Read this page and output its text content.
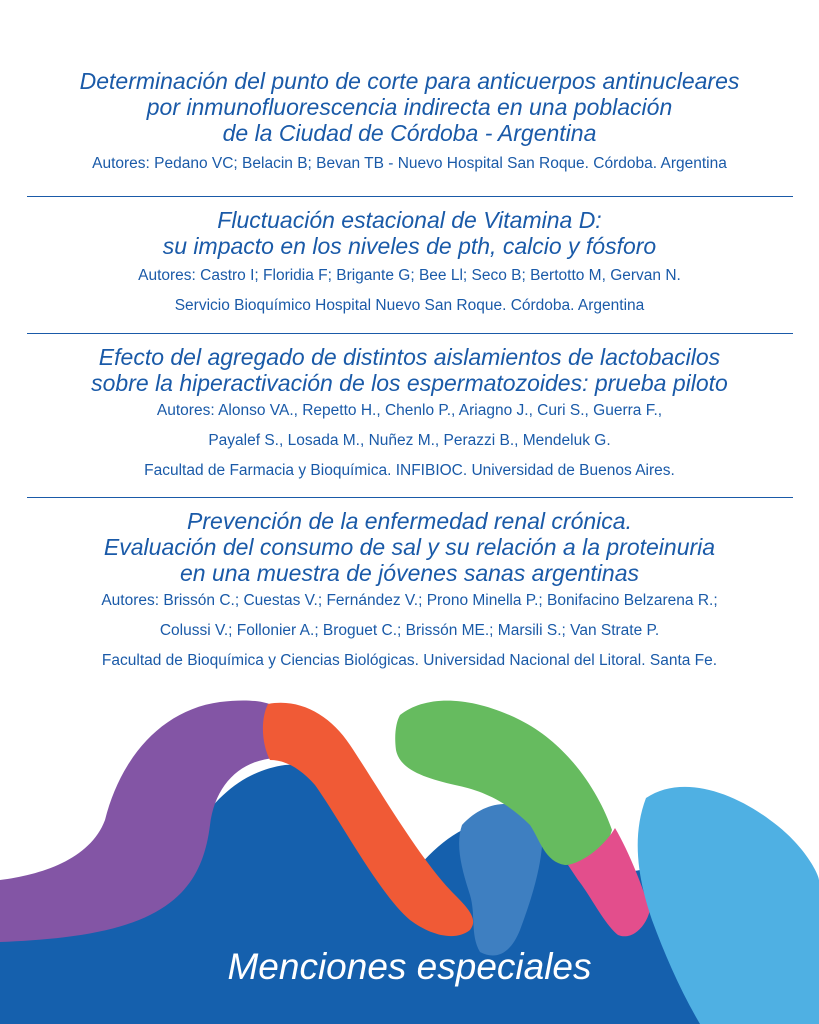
Determinación del punto de corte para anticuerpos antinucleares
por inmunofluorescencia indirecta en una población
de la Ciudad de Córdoba - Argentina
Autores: Pedano VC; Belacin B; Bevan TB - Nuevo Hospital San Roque. Córdoba. Argentina
Fluctuación estacional de Vitamina D:
su impacto en los niveles de pth, calcio y fósforo
Autores: Castro I; Floridia F; Brigante G; Bee Ll; Seco B; Bertotto M, Gervan N.
Servicio Bioquímico Hospital Nuevo San Roque. Córdoba. Argentina
Efecto del agregado de distintos aislamientos de lactobacilos
sobre la hiperactivación de los espermatozoides: prueba piloto
Autores: Alonso VA., Repetto H., Chenlo P., Ariagno J., Curi S., Guerra F.,
Payalef S., Losada M., Nuñez M., Perazzi B., Mendeluk G.
Facultad de Farmacia y Bioquímica. INFIBIOC. Universidad de Buenos Aires.
Prevención de la enfermedad renal crónica.
Evaluación del consumo de sal y su relación a la proteinuria
en una muestra de jóvenes sanas argentinas
Autores: Brissón C.; Cuestas V.; Fernández V.; Prono Minella P.; Bonifacino Belzarena R.;
Colussi V.; Follonier A.; Broguet C.; Brissón ME.; Marsili S.; Van Strate P.
Facultad de Bioquímica y Ciencias Biológicas. Universidad Nacional del Litoral. Santa Fe.
Menciones especiales
